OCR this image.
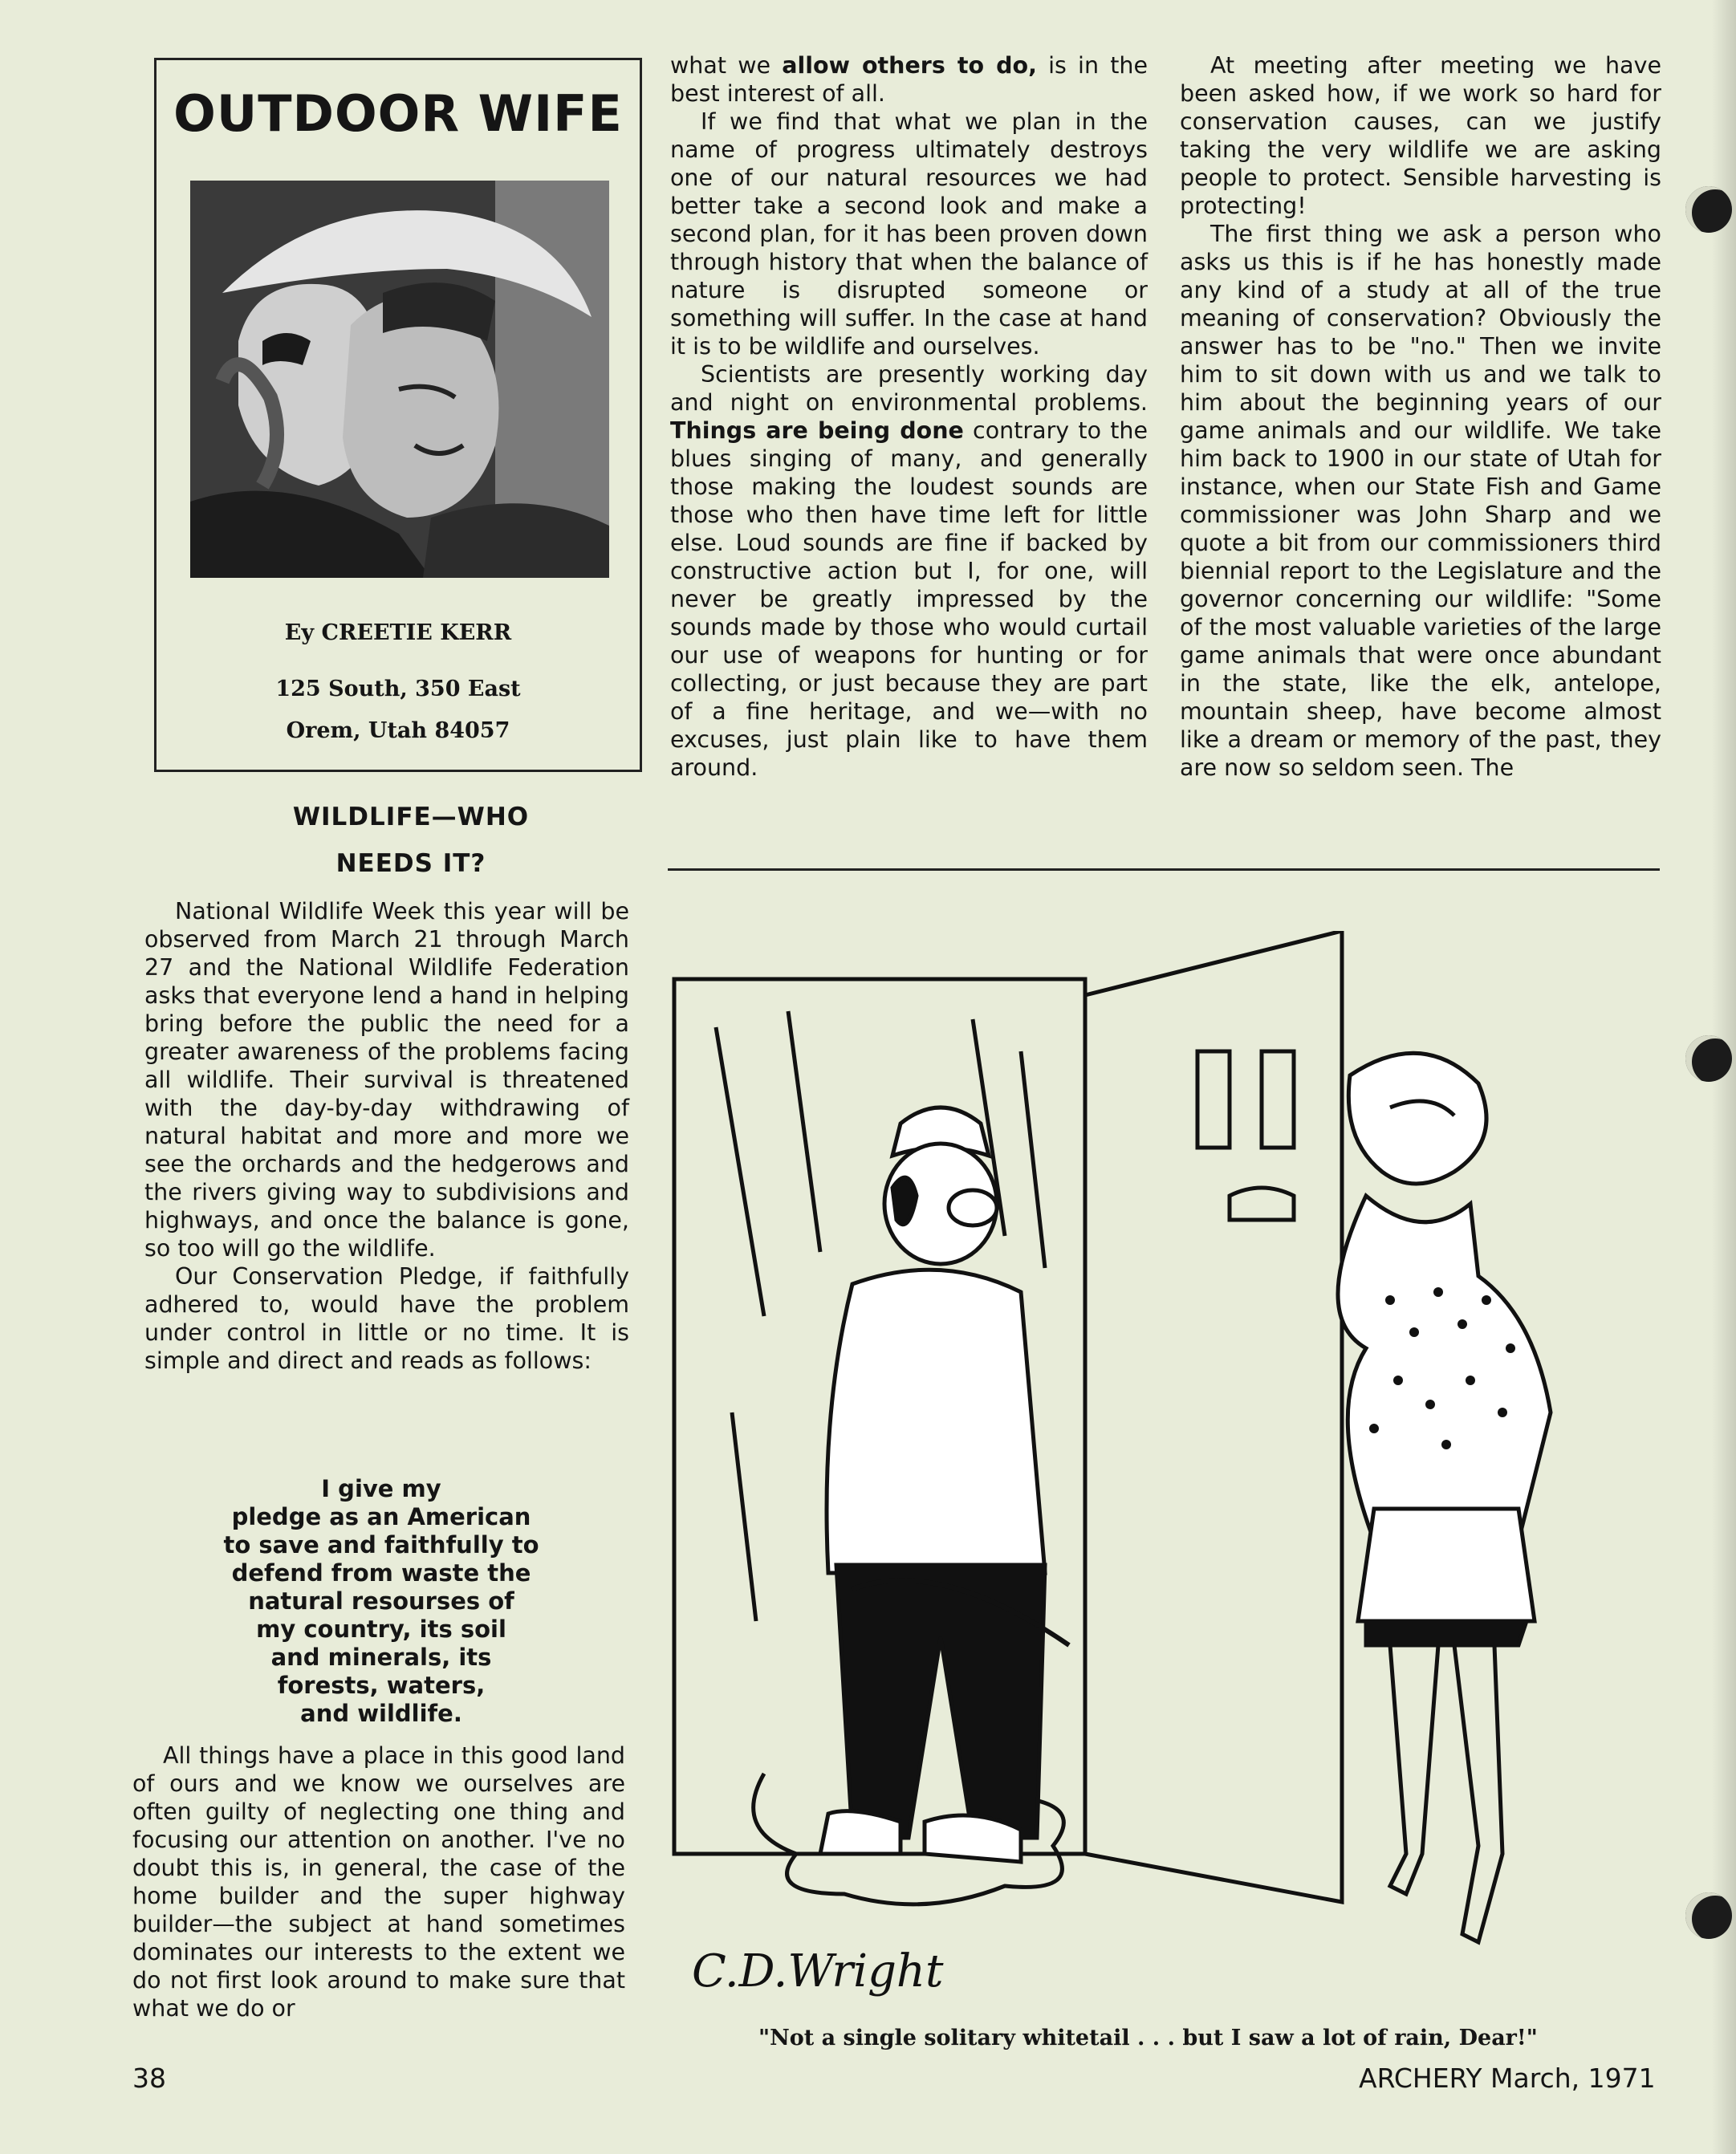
OUTDOOR WIFE
Ey CREETIE KERR
125 South, 350 East
Orem, Utah 84057
WILDLIFE—WHO
NEEDS IT?

National Wildlife Week this year will be observed from March 21 through March 27 and the National Wildlife Federation asks that everyone lend a hand in helping bring before the public the need for a greater awareness of the problems facing all wildlife. Their survival is threatened with the day-by-day withdrawing of natural habitat and more and more we see the orchards and the hedgerows and the rivers giving way to subdivisions and highways, and once the balance is gone, so too will go the wildlife.

Our Conservation Pledge, if faithfully adhered to, would have the problem under control in little or no time. It is simple and direct and reads as follows:

I give my
pledge as an American
to save and faithfully to
defend from waste the
natural resourses of
my country, its soil
and minerals, its
forests, waters,
and wildlife.

All things have a place in this good land of ours and we know we ourselves are often guilty of neglecting one thing and focusing our attention on another. I've no doubt this is, in general, the case of the home builder and the super highway builder—the subject at hand sometimes dominates our interests to the extent we do not first look around to make sure that what we do or

what we allow others to do, is in the best interest of all.

If we find that what we plan in the name of progress ultimately destroys one of our natural resources we had better take a second look and make a second plan, for it has been proven down through history that when the balance of nature is disrupted someone or something will suffer. In the case at hand it is to be wildlife and ourselves.

Scientists are presently working day and night on environmental problems. Things are being done contrary to the blues singing of many, and generally those making the loudest sounds are those who then have time left for little else. Loud sounds are fine if backed by constructive action but I, for one, will never be greatly impressed by the sounds made by those who would curtail our use of weapons for hunting or for collecting, or just because they are part of a fine heritage, and we—with no excuses, just plain like to have them around.

At meeting after meeting we have been asked how, if we work so hard for conservation causes, can we justify taking the very wildlife we are asking people to protect. Sensible harvesting is protecting!

The first thing we ask a person who asks us this is if he has honestly made any kind of a study at all of the true meaning of conservation? Obviously the answer has to be "no." Then we invite him to sit down with us and we talk to him about the beginning years of our game animals and our wildlife. We take him back to 1900 in our state of Utah for instance, when our State Fish and Game commissioner was John Sharp and we quote a bit from our commissioners third biennial report to the Legislature and the governor concerning our wildlife: "Some of the most valuable varieties of the large game animals that were once abundant in the state, like the elk, antelope, mountain sheep, have become almost like a dream or memory of the past, they are now so seldom seen. The

C.D.Wright
"Not a single solitary whitetail . . . but I saw a lot of rain, Dear!"
38	ARCHERY March, 1971
